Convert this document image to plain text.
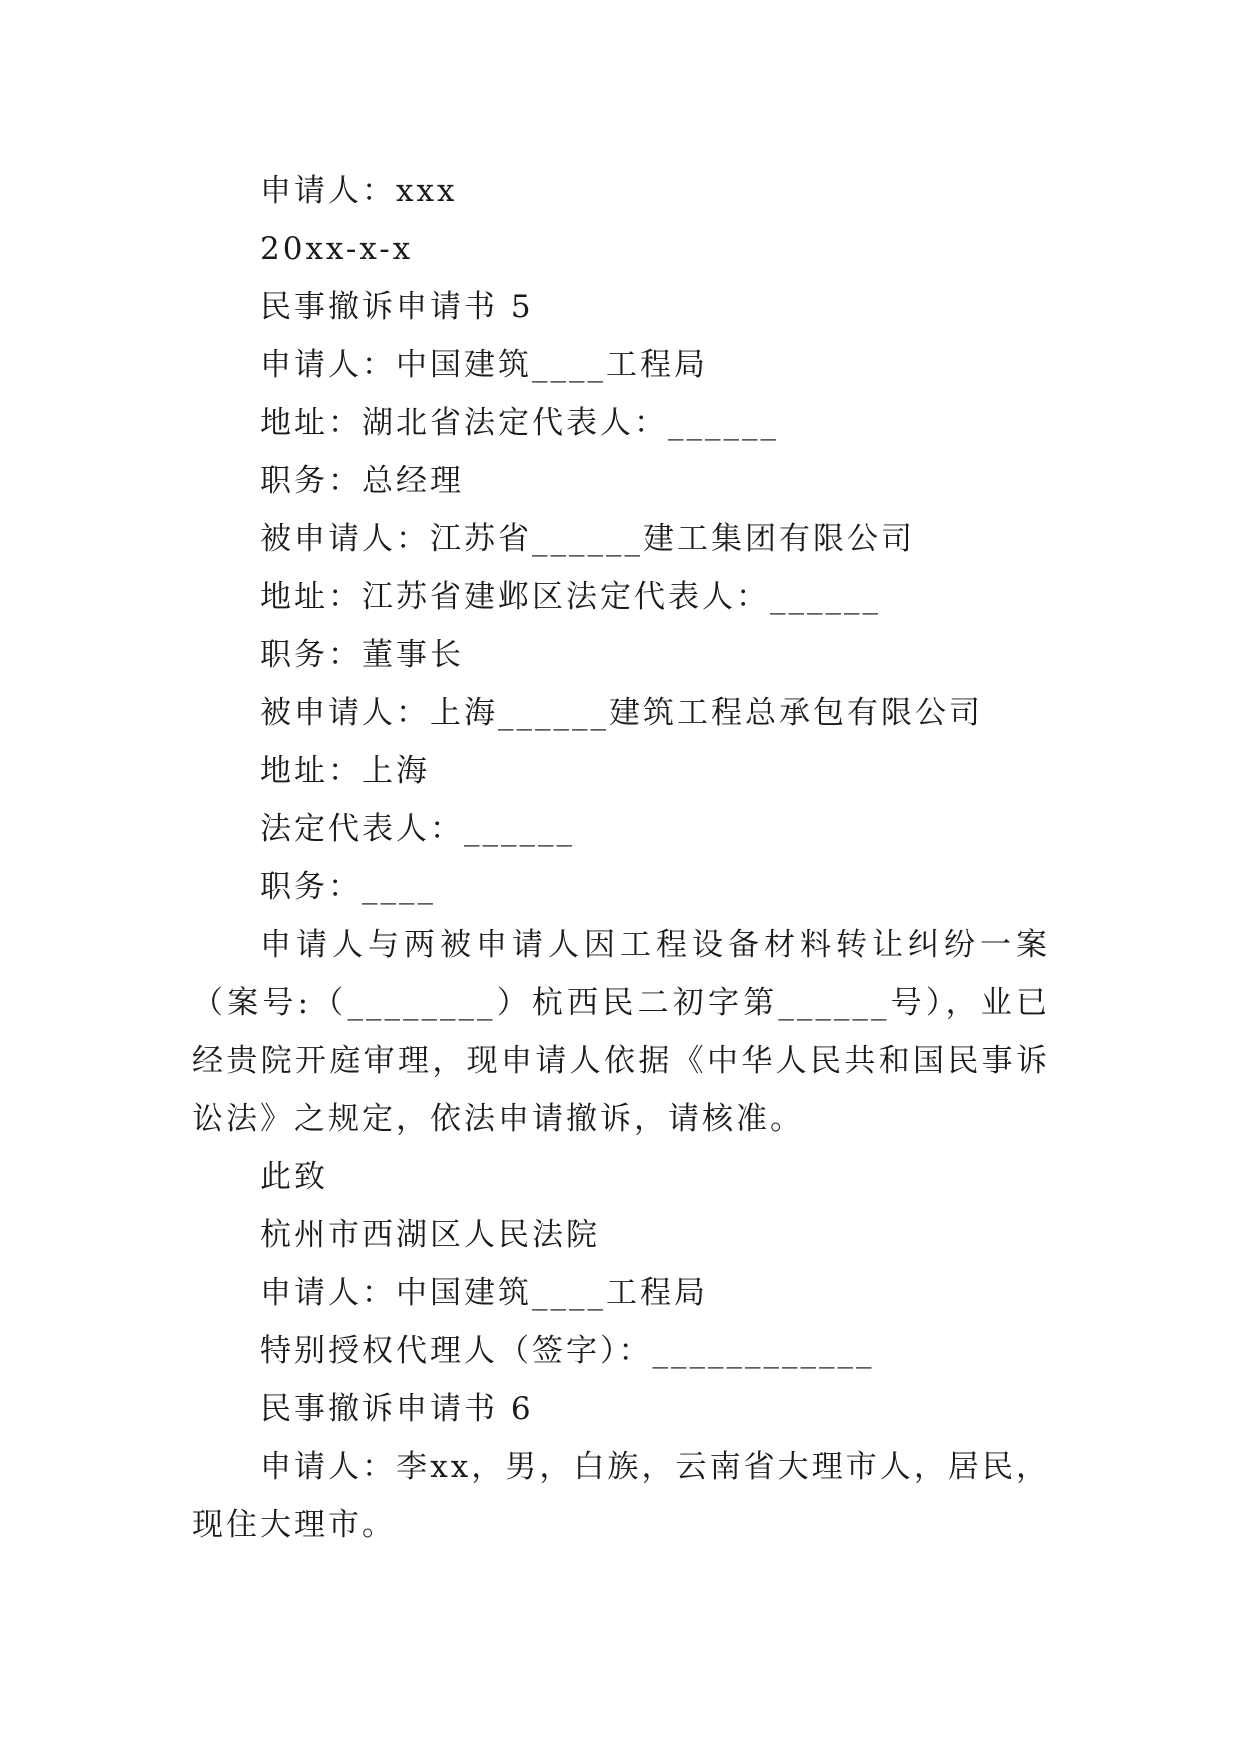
申请人：xxx

20xx-x-x

民事撤诉申请书 5

申请人：中国建筑____工程局

地址：湖北省法定代表人：______

职务：总经理

被申请人：江苏省______建工集团有限公司

地址：江苏省建邺区法定代表人：______

职务：董事长

被申请人：上海______建筑工程总承包有限公司

地址：上海

法定代表人：______

职务：____

申请人与两被申请人因工程设备材料转让纠纷一案（案号:（________）杭西民二初字第______号），业已经贵院开庭审理，现申请人依据《中华人民共和国民事诉讼法》之规定，依法申请撤诉，请核准。

此致

杭州市西湖区人民法院

申请人：中国建筑____工程局

特别授权代理人（签字）：____________

民事撤诉申请书 6

申请人：李xx，男，白族，云南省大理市人，居民，现住大理市。
